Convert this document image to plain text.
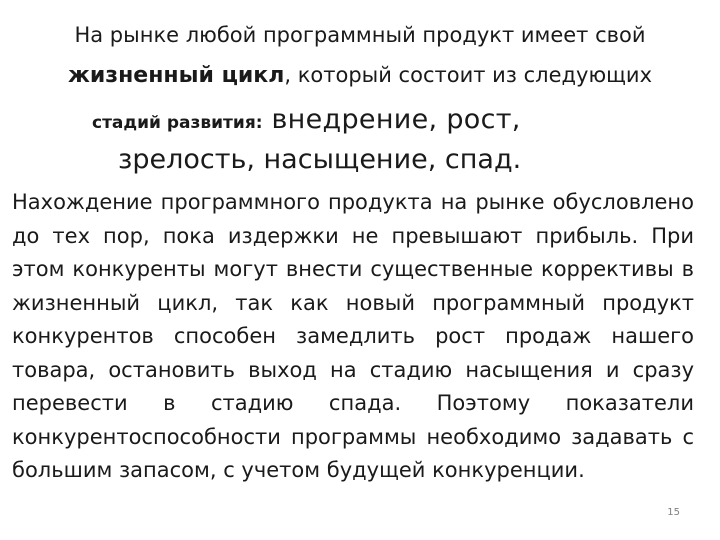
На рынке любой программный продукт имеет свой
жизненный цикл, который состоит из следующих
стадий развития: внедрение, рост,
зрелость, насыщение, спад.
Нахождение программного продукта на рынке обусловлено до тех пор, пока издержки не превышают прибыль. При этом конкуренты могут внести существенные коррективы в жизненный цикл, так как новый программный продукт конкурентов способен замедлить рост продаж нашего товара, остановить выход на стадию насыщения и сразу перевести в стадию спада. Поэтому показатели конкурентоспособности программы необходимо задавать с большим запасом, с учетом будущей конкуренции.
15
